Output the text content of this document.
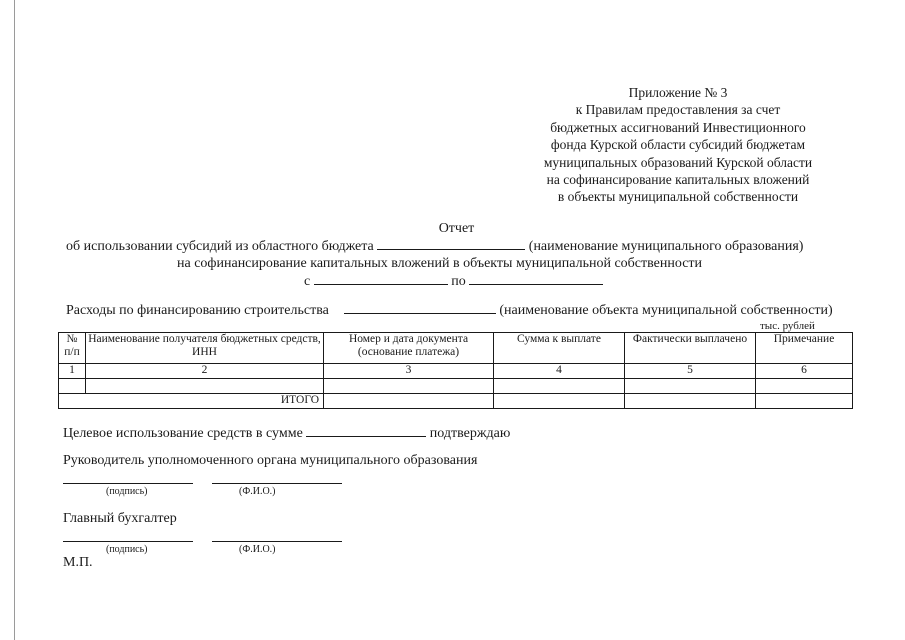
Приложение № 3
к Правилам предоставления за счет
бюджетных ассигнований Инвестиционного
фонда Курской области субсидий бюджетам
муниципальных образований Курской области
на софинансирование капитальных вложений
в объекты муниципальной собственности
Отчет
об использовании субсидий из областного бюджета	(наименование муниципального образования)
на софинансирование капитальных вложений в объекты муниципальной собственности
с	по
Расходы по финансированию строительства	(наименование объекта муниципальной собственности)
тыс. рублей
№ п/п	Наименование получателя бюджетных средств, ИНН	Номер и дата документа (основание платежа)	Сумма к выплате	Фактически выплачено	Примечание
1	2	3	4	5	6

ИТОГО					
Целевое использование средств в сумме	подтверждаю
Руководитель уполномоченного органа муниципального образования
(подпись)	(Ф.И.О.)
Главный бухгалтер
(подпись)	(Ф.И.О.)
М.П.
